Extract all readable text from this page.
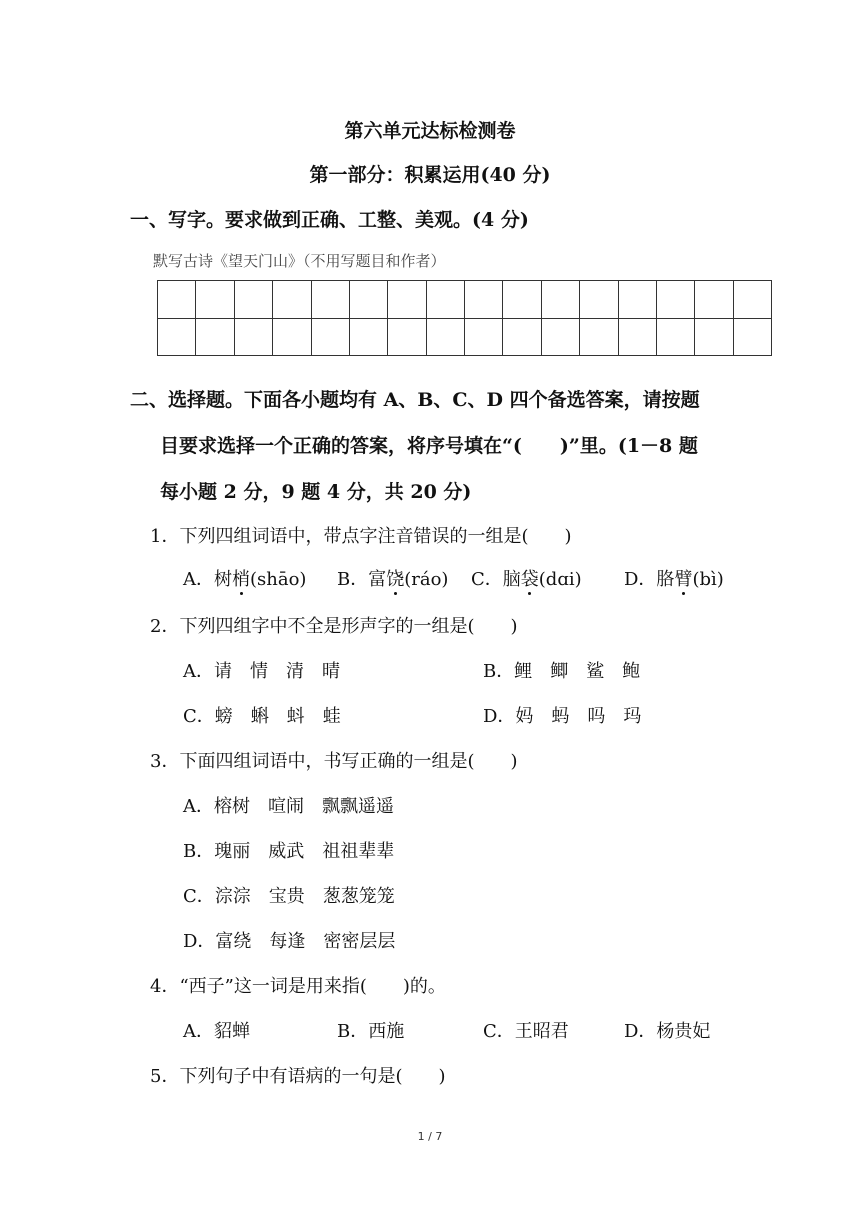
第六单元达标检测卷
第一部分：积累运用(40 分)
一、写字。要求做到正确、工整、美观。(4 分)
默写古诗《望天门山》（不用写题目和作者）
二、选择题。下面各小题均有 A、B、C、D 四个备选答案，请按题
目要求选择一个正确的答案，将序号填在“(　　)”里。(1－8 题
每小题 2 分，9 题 4 分，共 20 分)
1．下列四组词语中，带点字注音错误的一组是(　　)
A．树梢(shāo) B．富饶(ráo) C．脑袋(dɑi) D．胳臂(bì)
2．下列四组字中不全是形声字的一组是(　　)
A．请　情　清　晴	B．鲤　鲫　鲨　鲍
C．螃　蝌　蚪　蛙	D．妈　蚂　吗　玛
3．下面四组词语中，书写正确的一组是(　　)
A．榕树　喧闹　飘飘遥遥
B．瑰丽　威武　祖祖辈辈
C．淙淙　宝贵　葱葱笼笼
D．富绕　每逢　密密层层
4．“西子”这一词是用来指(　　)的。
A．貂蝉	B．西施	C．王昭君	D．杨贵妃
5．下列句子中有语病的一句是(　　)
1 / 7
